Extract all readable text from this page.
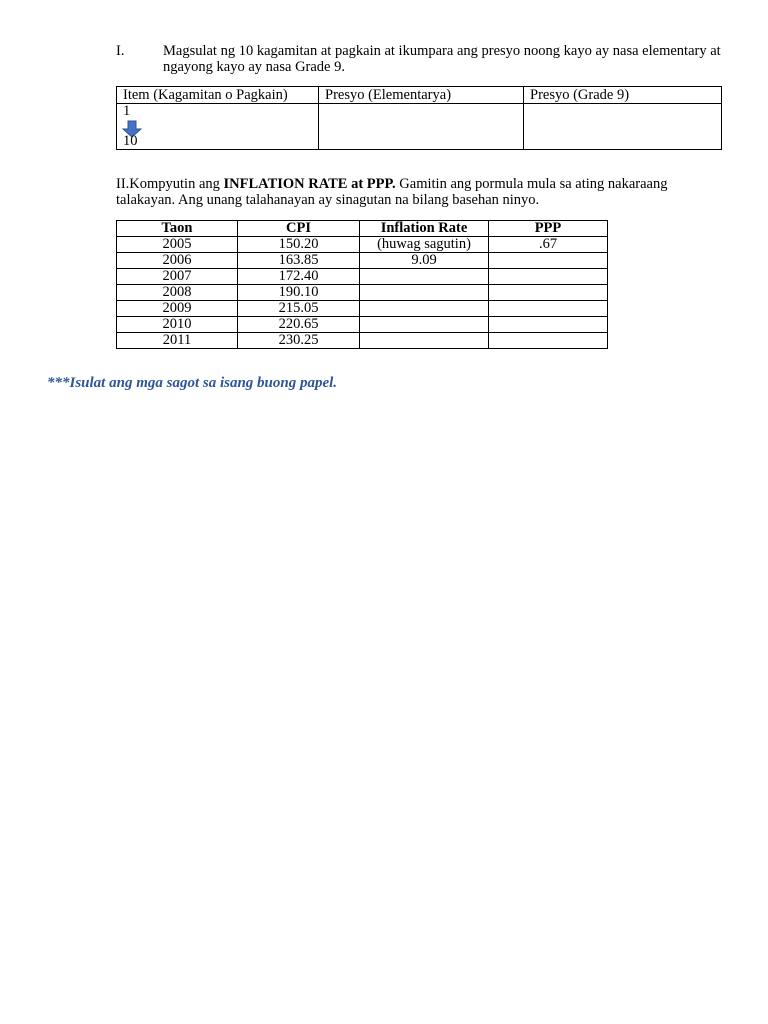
I.	Magsulat ng 10 kagamitan at pagkain at ikumpara ang presyo noong kayo ay nasa elementary at ngayong kayo ay nasa Grade 9.
Item (Kagamitan o Pagkain)	Presyo (Elementarya)	Presyo (Grade 9)

1
10		

II.Kompyutin ang INFLATION RATE at PPP. Gamitin ang pormula mula sa ating nakaraang talakayan. Ang unang talahanayan ay sinagutan na bilang basehan ninyo.
Taon	CPI	Inflation Rate	PPP
2005	150.20	(huwag sagutin)	.67
2006	163.85	9.09	
2007	172.40		
2008	190.10		
2009	215.05		
2010	220.65		
2011	230.25		
***Isulat ang mga sagot sa isang buong papel.
